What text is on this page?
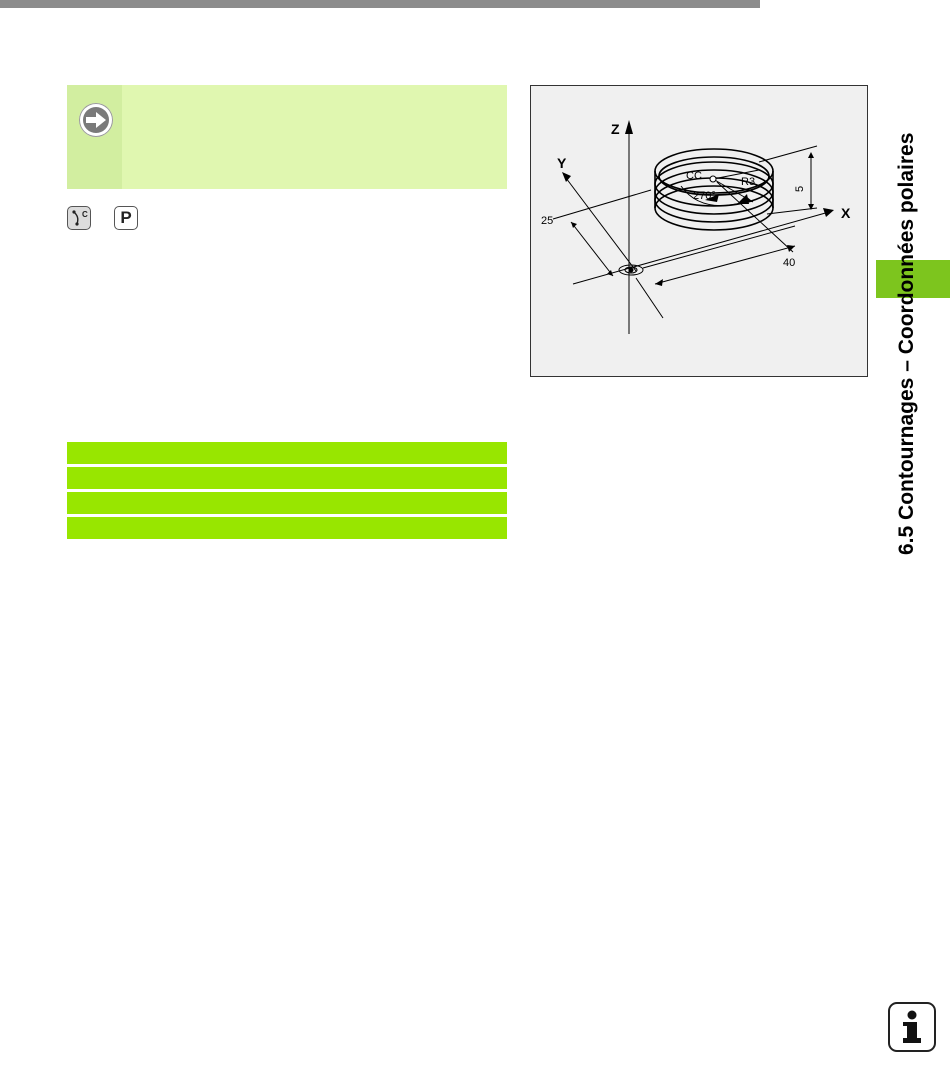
C	P
Z
Y
X
CC	R3
270°
25
40
5	6.5 Contournages – Coordonnées polaires
